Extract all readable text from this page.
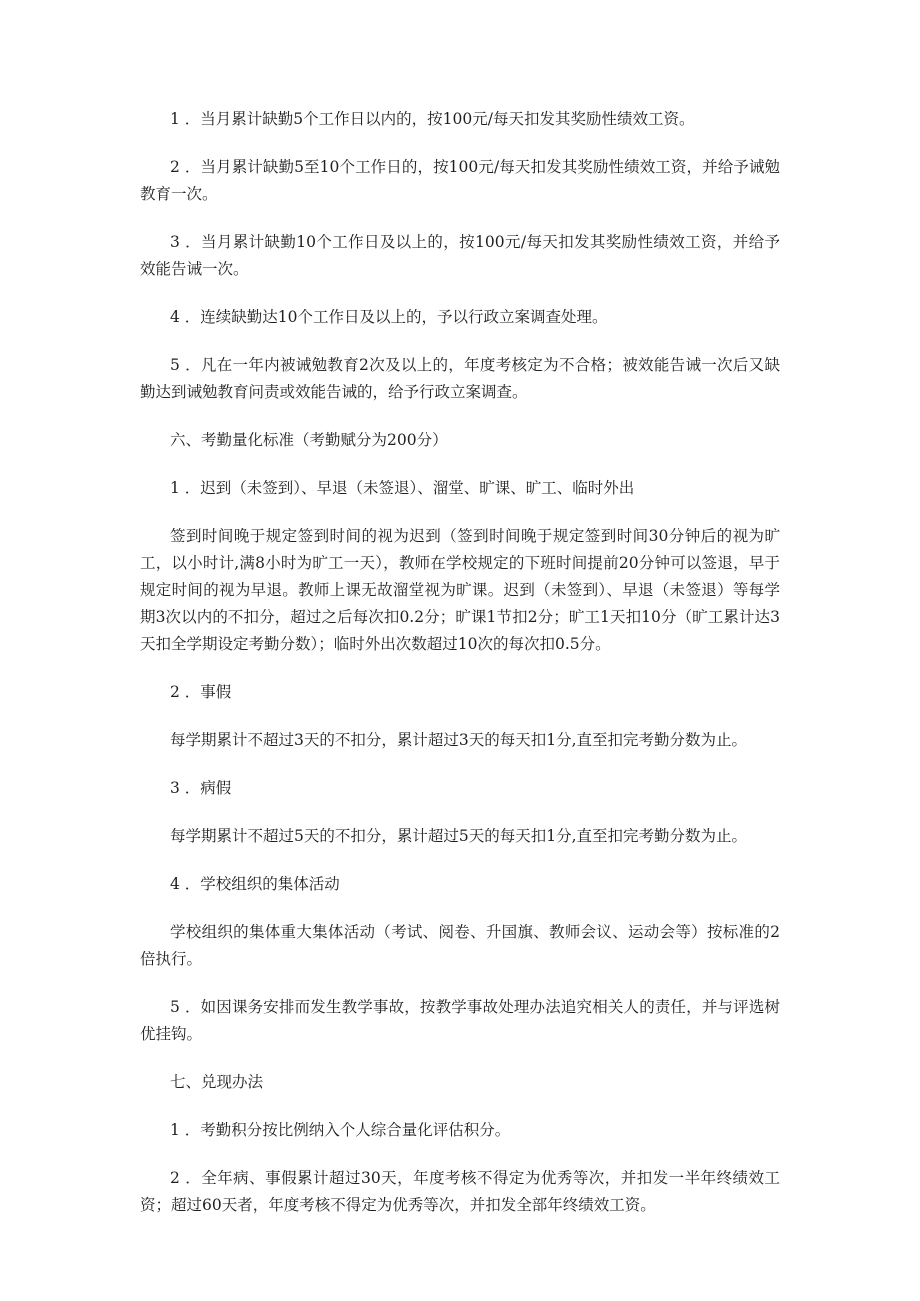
1 ．当月累计缺勤5个工作日以内的，按100元/每天扣发其奖励性绩效工资。

2 ．当月累计缺勤5至10个工作日的，按100元/每天扣发其奖励性绩效工资，并给予诫勉教育一次。

3 ．当月累计缺勤10个工作日及以上的，按100元/每天扣发其奖励性绩效工资，并给予效能告诫一次。

4 ．连续缺勤达10个工作日及以上的，予以行政立案调查处理。

5 ．凡在一年内被诫勉教育2次及以上的，年度考核定为不合格；被效能告诫一次后又缺勤达到诫勉教育问责或效能告诫的，给予行政立案调查。

六、考勤量化标准（考勤赋分为200分）

1 ．迟到（未签到）、早退（未签退）、溜堂、旷课、旷工、临时外出

签到时间晚于规定签到时间的视为迟到（签到时间晚于规定签到时间30分钟后的视为旷工，以小时计,满8小时为旷工一天），教师在学校规定的下班时间提前20分钟可以签退，早于规定时间的视为早退。教师上课无故溜堂视为旷课。迟到（未签到）、早退（未签退）等每学期3次以内的不扣分，超过之后每次扣0.2分；旷课1节扣2分；旷工1天扣10分（旷工累计达3天扣全学期设定考勤分数）；临时外出次数超过10次的每次扣0.5分。

2 ．事假

每学期累计不超过3天的不扣分，累计超过3天的每天扣1分,直至扣完考勤分数为止。

3 ．病假

每学期累计不超过5天的不扣分，累计超过5天的每天扣1分,直至扣完考勤分数为止。

4 ．学校组织的集体活动

学校组织的集体重大集体活动（考试、阅卷、升国旗、教师会议、运动会等）按标准的2倍执行。

5 ．如因课务安排而发生教学事故，按教学事故处理办法追究相关人的责任，并与评选树优挂钩。

七、兑现办法

1 ．考勤积分按比例纳入个人综合量化评估积分。

2 ．全年病、事假累计超过30天，年度考核不得定为优秀等次，并扣发一半年终绩效工资；超过60天者，年度考核不得定为优秀等次，并扣发全部年终绩效工资。
